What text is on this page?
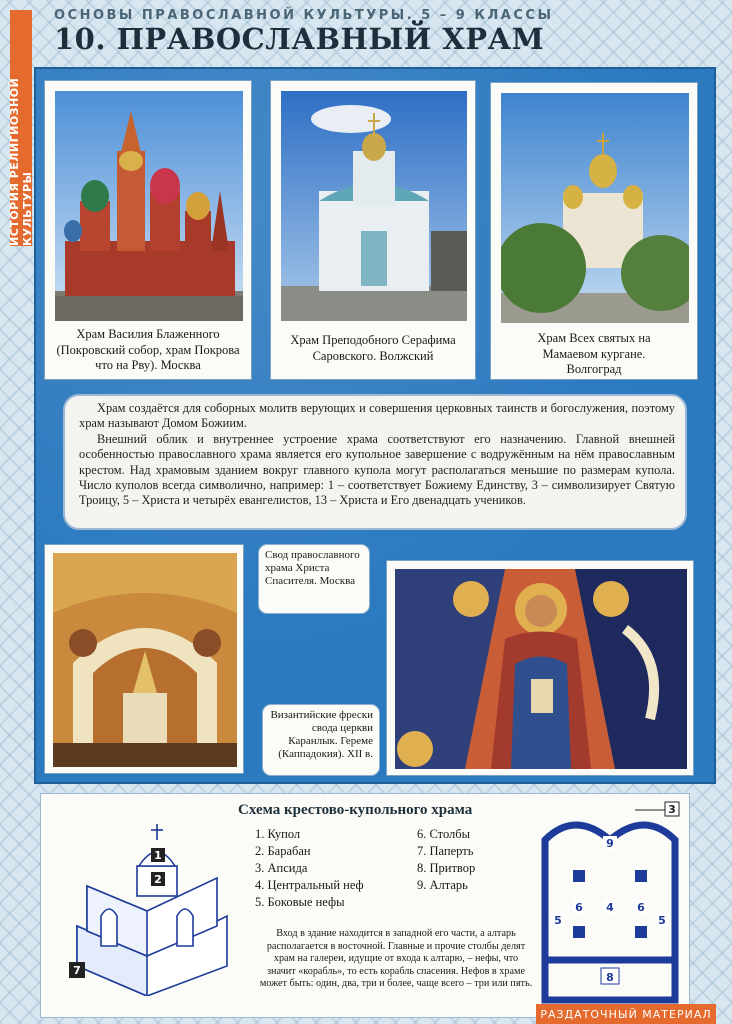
ОСНОВЫ ПРАВОСЛАВНОЙ КУЛЬТУРЫ. 5 – 9 КЛАССЫ
10. ПРАВОСЛАВНЫЙ ХРАМ
ИСТОРИЯ РЕЛИГИОЗНОЙ КУЛЬТУРЫ
Храм Василия Блаженного (Покровский собор, храм Покрова что на Рву). Москва
Храм Преподобного Серафима Саровского. Волжский
Храм Всех святых на Мамаевом кургане. Волгоград

Храм создаётся для соборных молитв верующих и совершения церковных таинств и богослужения, поэтому храм называют Домом Божиим.

Внешний облик и внутреннее устроение храма соответствуют его назначению. Главной внешней особенностью православного храма является его купольное завершение с водружённым на нём православным крестом. Над храмовым зданием вокруг главного купола могут располагаться меньшие по размерам купола. Число куполов всегда символично, например: 1 – соответствует Божиему Единству, 3 – символизирует Святую Троицу, 5 – Христа и четырёх евангелистов, 13 – Христа и Его двенадцать учеников.

Свод православного храма Христа Спасителя. Москва
Византийские фрески свода церкви Каранлык. Гереме (Каппадокия). XII в.
Схема крестово-купольного храма
1
2
7
1. Купол
2. Барабан
3. Апсида
4. Центральный неф
5. Боковые нефы
6. Столбы
7. Паперть
8. Притвор
9. Алтарь
Вход в здание находится в западной его части, а алтарь располагается в восточной. Главные и прочие столбы делят храм на галереи, идущие от входа к алтарю, – нефы, что значит «корабль», то есть корабль спасения. Нефов в храме может быть: один, два, три и более, чаще всего – три или пять.
3
9
4
6	6
5	5
8
РАЗДАТОЧНЫЙ МАТЕРИАЛ
